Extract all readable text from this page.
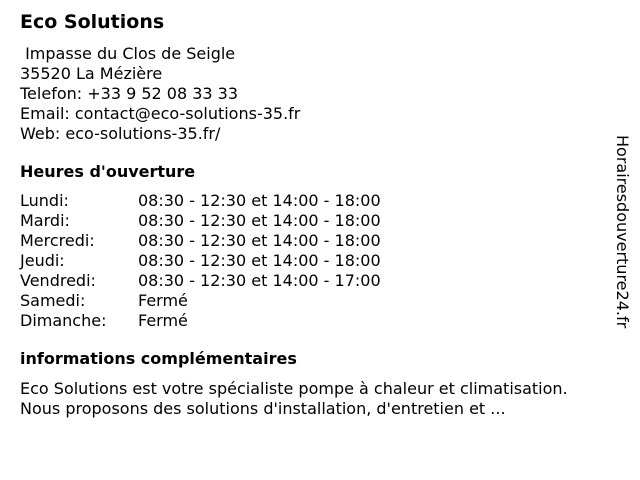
Eco Solutions
Impasse du Clos de Seigle
35520 La Mézière
Telefon: +33 9 52 08 33 33
Email: contact@eco-solutions-35.fr
Web: eco-solutions-35.fr/
Heures d'ouverture
Lundi:	08:30 - 12:30 et 14:00 - 18:00
Mardi:	08:30 - 12:30 et 14:00 - 18:00
Mercredi:	08:30 - 12:30 et 14:00 - 18:00
Jeudi:	08:30 - 12:30 et 14:00 - 18:00
Vendredi:	08:30 - 12:30 et 14:00 - 17:00
Samedi:	Fermé
Dimanche:	Fermé
informations complémentaires
Eco Solutions est votre spécialiste pompe à chaleur et climatisation.
Nous proposons des solutions d'installation, d'entretien et ...
Horairesdouverture24.fr
